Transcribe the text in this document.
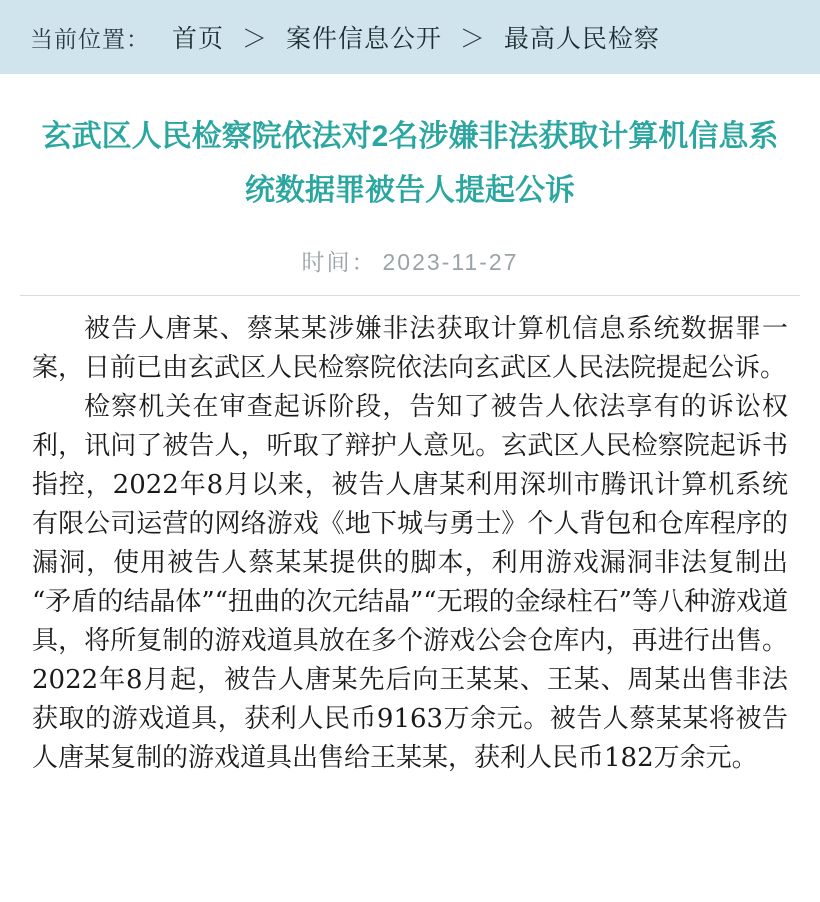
当前位置： 首页 ＞ 案件信息公开 ＞ 最高人民检察
玄武区人民检察院依法对2名涉嫌非法获取计算机信息系统数据罪被告人提起公诉
时间： 2023-11-27

被告人唐某、蔡某某涉嫌非法获取计算机信息系统数据罪一案，日前已由玄武区人民检察院依法向玄武区人民法院提起公诉。

检察机关在审查起诉阶段，告知了被告人依法享有的诉讼权利，讯问了被告人，听取了辩护人意见。玄武区人民检察院起诉书指控，2022年8月以来，被告人唐某利用深圳市腾讯计算机系统有限公司运营的网络游戏《地下城与勇士》个人背包和仓库程序的漏洞，使用被告人蔡某某提供的脚本，利用游戏漏洞非法复制出“矛盾的结晶体”“扭曲的次元结晶”“无瑕的金绿柱石”等八种游戏道具，将所复制的游戏道具放在多个游戏公会仓库内，再进行出售。2022年8月起，被告人唐某先后向王某某、王某、周某出售非法获取的游戏道具，获利人民币9163万余元。被告人蔡某某将被告人唐某复制的游戏道具出售给王某某，获利人民币182万余元。
